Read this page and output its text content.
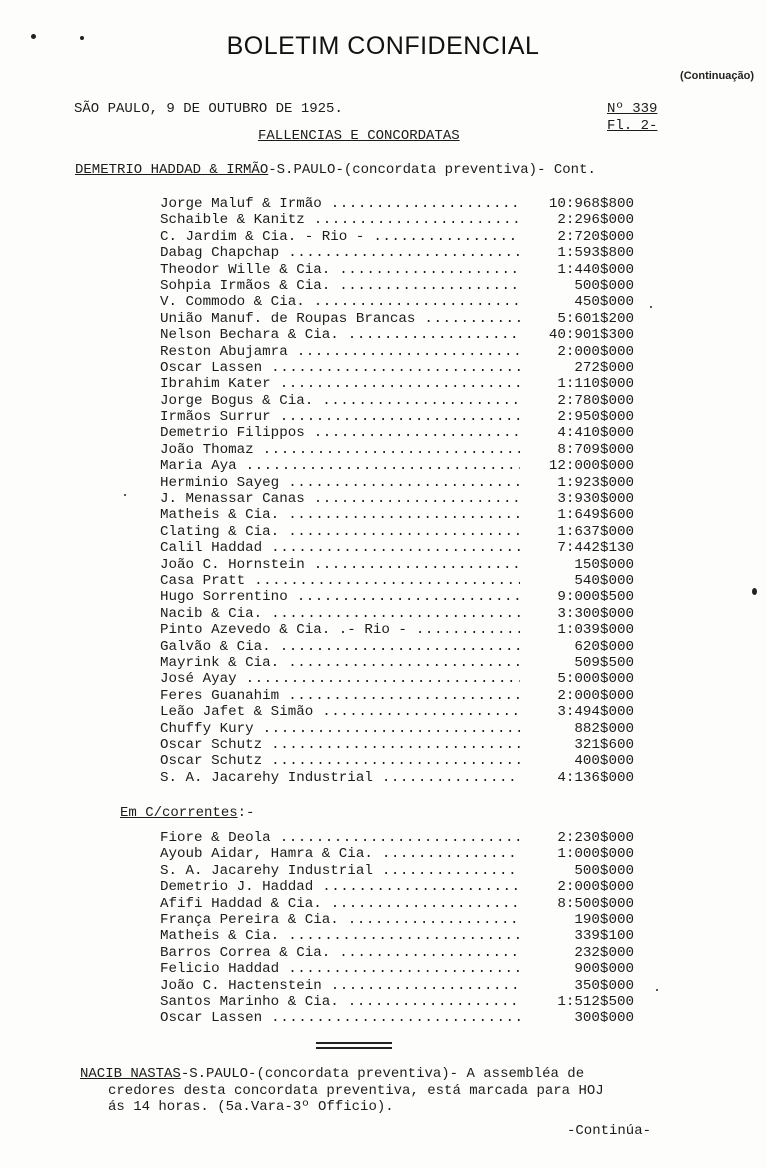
BOLETIM CONFIDENCIAL
(Continuação)
SÃO PAULO, 9 DE OUTUBRO DE 1925.	Nº 339
Fl. 2-
FALLENCIAS E CONCORDATAS
DEMETRIO HADDAD & IRMÃO-S.PAULO-(concordata preventiva)- Cont.
Jorge Maluf & Irmão .....	10:968$800
Schaible & Kanitz .....	2:296$000
C. Jardim & Cia. - Rio - .....	2:720$000
Dabag Chapchap .....	1:593$800
Theodor Wille & Cia. .....	1:440$000
Sohpia Irmãos & Cia. .....	500$000
V. Commodo & Cia. .....	450$000
União Manuf. de Roupas Brancas .....	5:601$200
Nelson Bechara & Cia. .....	40:901$300
Reston Abujamra .....	2:000$000
Oscar Lassen .....	272$000
Ibrahim Kater .....	1:110$000
Jorge Bogus & Cia. .....	2:780$000
Irmãos Surrur .....	2:950$000
Demetrio Filippos .....	4:410$000
João Thomaz .....	8:709$000
Maria Aya .....	12:000$000
Herminio Sayeg .....	1:923$000
J. Menassar Canas .....	3:930$000
Matheis & Cia. .....	1:649$600
Clating & Cia. .....	1:637$000
Calil Haddad .....	7:442$130
João C. Hornstein .....	150$000
Casa Pratt .....	540$000
Hugo Sorrentino .....	9:000$500
Nacib & Cia. .....	3:300$000
Pinto Azevedo & Cia. .- Rio - .....	1:039$000
Galvão & Cia. .....	620$000
Mayrink & Cia. .....	509$500
José Ayay .....	5:000$000
Feres Guanahim .....	2:000$000
Leão Jafet & Simão .....	3:494$000
Chuffy Kury .....	882$000
Oscar Schutz .....	321$600
Oscar Schutz .....	400$000
S. A. Jacarehy Industrial .....	4:136$000
Em C/correntes:-
Fiore & Deola .....	2:230$000
Ayoub Aidar, Hamra & Cia. .....	1:000$000
S. A. Jacarehy Industrial .....	500$000
Demetrio J. Haddad .....	2:000$000
Afifi Haddad & Cia. .....	8:500$000
França Pereira & Cia. .....	190$000
Matheis & Cia. .....	339$100
Barros Correa & Cia. .....	232$000
Felicio Haddad .....	900$000
João C. Hactenstein .....	350$000
Santos Marinho & Cia. .....	1:512$500
Oscar Lassen .....	300$000
NACIB NASTAS-S.PAULO-(concordata preventiva)- A assembléa de
credores desta concordata preventiva, está marcada para HOJ
ás 14 horas. (5a.Vara-3º Officio).
-Continúa-
